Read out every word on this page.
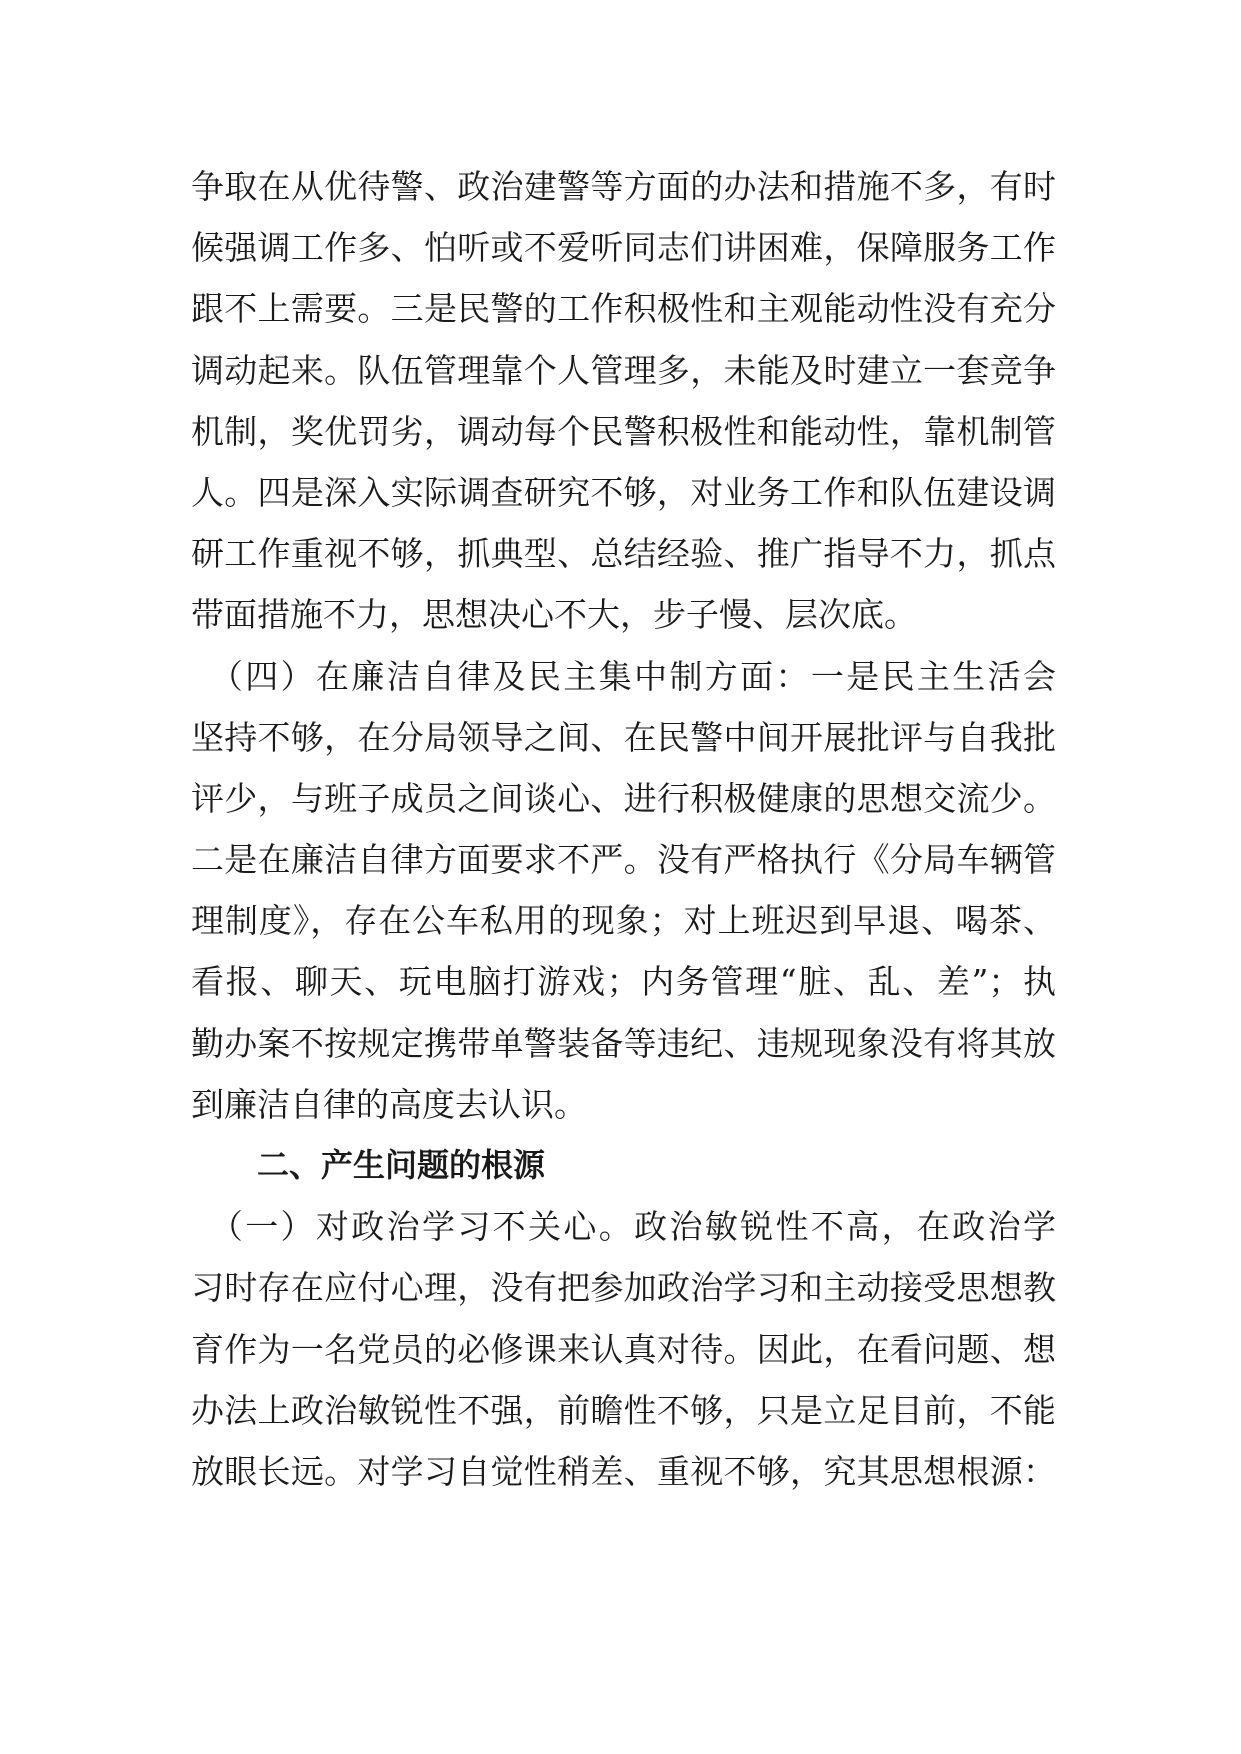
争取在从优待警、政治建警等方面的办法和措施不多，有时
候强调工作多、怕听或不爱听同志们讲困难，保障服务工作
跟不上需要。三是民警的工作积极性和主观能动性没有充分
调动起来。队伍管理靠个人管理多，未能及时建立一套竞争
机制，奖优罚劣，调动每个民警积极性和能动性，靠机制管
人。四是深入实际调查研究不够，对业务工作和队伍建设调
研工作重视不够，抓典型、总结经验、推广指导不力，抓点
带面措施不力，思想决心不大，步子慢、层次底。
　（四）在廉洁自律及民主集中制方面：一是民主生活会
坚持不够，在分局领导之间、在民警中间开展批评与自我批
评少，与班子成员之间谈心、进行积极健康的思想交流少。
二是在廉洁自律方面要求不严。没有严格执行《分局车辆管
理制度》，存在公车私用的现象；对上班迟到早退、喝茶、
看报、聊天、玩电脑打游戏；内务管理“脏、乱、差”；执
勤办案不按规定携带单警装备等违纪、违规现象没有将其放
到廉洁自律的高度去认识。
二、产生问题的根源
　（一）对政治学习不关心。政治敏锐性不高，在政治学
习时存在应付心理，没有把参加政治学习和主动接受思想教
育作为一名党员的必修课来认真对待。因此，在看问题、想
办法上政治敏锐性不强，前瞻性不够，只是立足目前，不能
放眼长远。对学习自觉性稍差、重视不够，究其思想根源：
